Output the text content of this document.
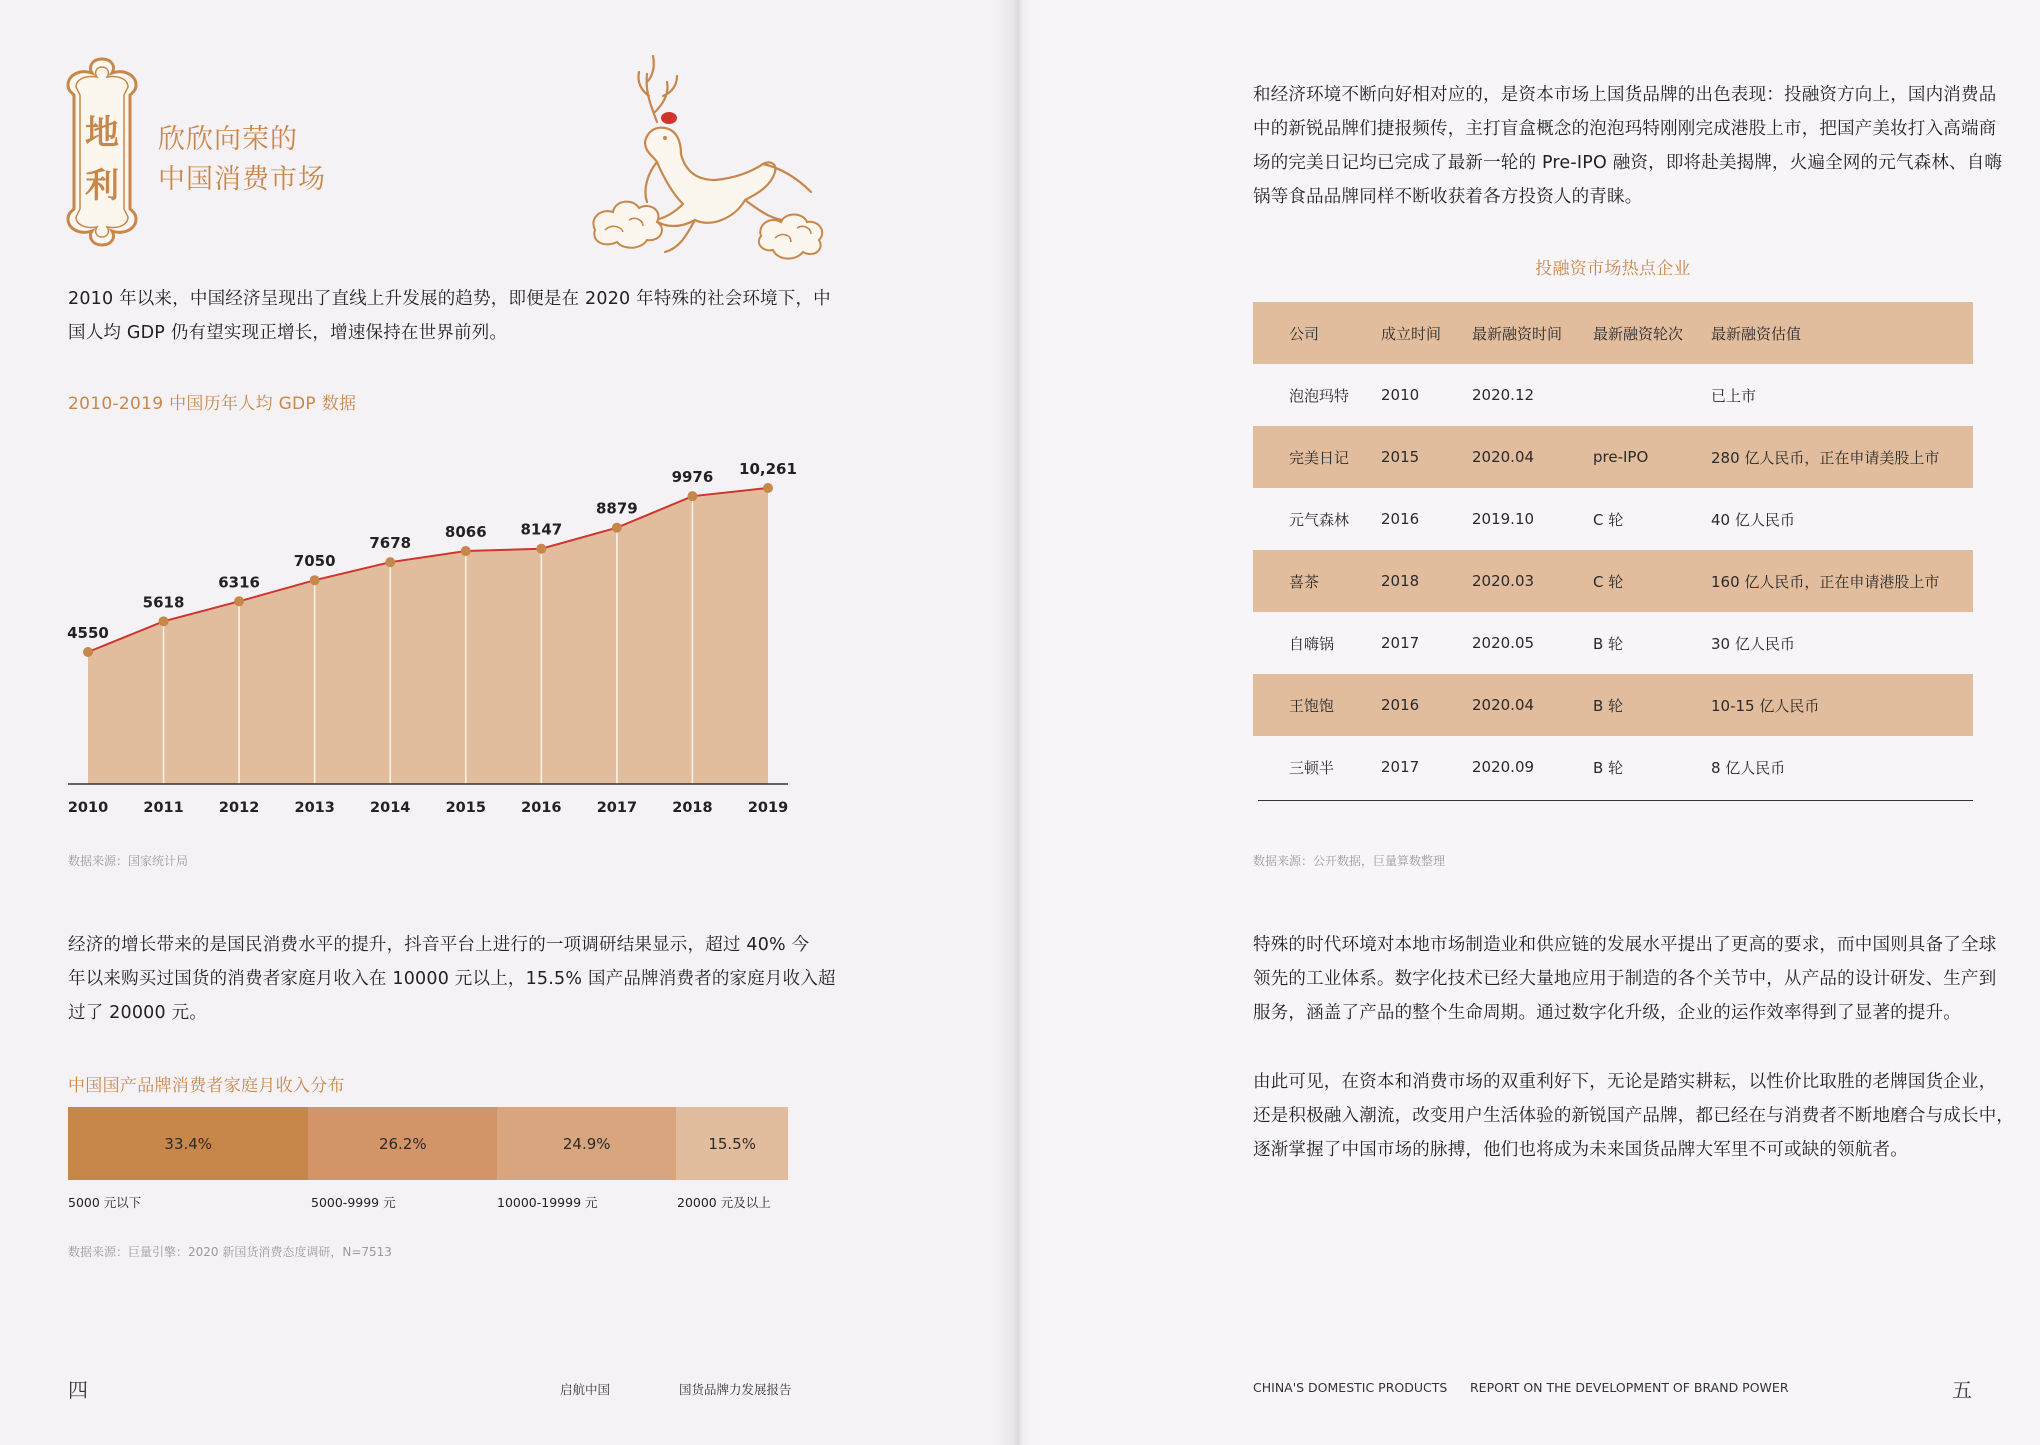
地
利
欣欣向荣的
中国消费市场
2010 年以来，中国经济呈现出了直线上升发展的趋势，即便是在 2020 年特殊的社会环境下，中
国人均 GDP 仍有望实现正增长，增速保持在世界前列。
2010-2019 中国历年人均 GDP 数据
4550
2010
5618
2011
6316
2012
7050
2013
7678
2014
8066
2015
8147
2016
8879
2017
9976
2018
10,261
2019
数据来源：国家统计局
经济的增长带来的是国民消费水平的提升，抖音平台上进行的一项调研结果显示，超过 40% 今
年以来购买过国货的消费者家庭月收入在 10000 元以上，15.5% 国产品牌消费者的家庭月收入超
过了 20000 元。
中国国产品牌消费者家庭月收入分布
33.4%	26.2%	24.9%	15.5%
5000 元以下	5000-9999 元	10000-19999 元	20000 元及以上
数据来源：巨量引擎：2020 新国货消费态度调研，N=7513
四	启航中国	国货品牌力发展报告
和经济环境不断向好相对应的，是资本市场上国货品牌的出色表现：投融资方向上，国内消费品
中的新锐品牌们捷报频传，主打盲盒概念的泡泡玛特刚刚完成港股上市，把国产美妆打入高端商
场的完美日记均已完成了最新一轮的 Pre-IPO 融资，即将赴美揭牌，火遍全网的元气森林、自嗨
锅等食品品牌同样不断收获着各方投资人的青睐。
投融资市场热点企业
公司	成立时间	最新融资时间	最新融资轮次	最新融资估值
泡泡玛特	2010	2020.12		已上市
完美日记	2015	2020.04	pre-IPO	280 亿人民币，正在申请美股上市
元气森林	2016	2019.10	C 轮	40 亿人民币
喜茶	2018	2020.03	C 轮	160 亿人民币，正在申请港股上市
自嗨锅	2017	2020.05	B 轮	30 亿人民币
王饱饱	2016	2020.04	B 轮	10-15 亿人民币
三顿半	2017	2020.09	B 轮	8 亿人民币
数据来源：公开数据，巨量算数整理
特殊的时代环境对本地市场制造业和供应链的发展水平提出了更高的要求，而中国则具备了全球
领先的工业体系。数字化技术已经大量地应用于制造的各个关节中，从产品的设计研发、生产到
服务，涵盖了产品的整个生命周期。通过数字化升级，企业的运作效率得到了显著的提升。
由此可见，在资本和消费市场的双重利好下，无论是踏实耕耘，以性价比取胜的老牌国货企业，
还是积极融入潮流，改变用户生活体验的新锐国产品牌，都已经在与消费者不断地磨合与成长中，
逐渐掌握了中国市场的脉搏，他们也将成为未来国货品牌大军里不可或缺的领航者。
CHINA'S DOMESTIC PRODUCTS REPORT ON THE DEVELOPMENT OF BRAND POWER	五
